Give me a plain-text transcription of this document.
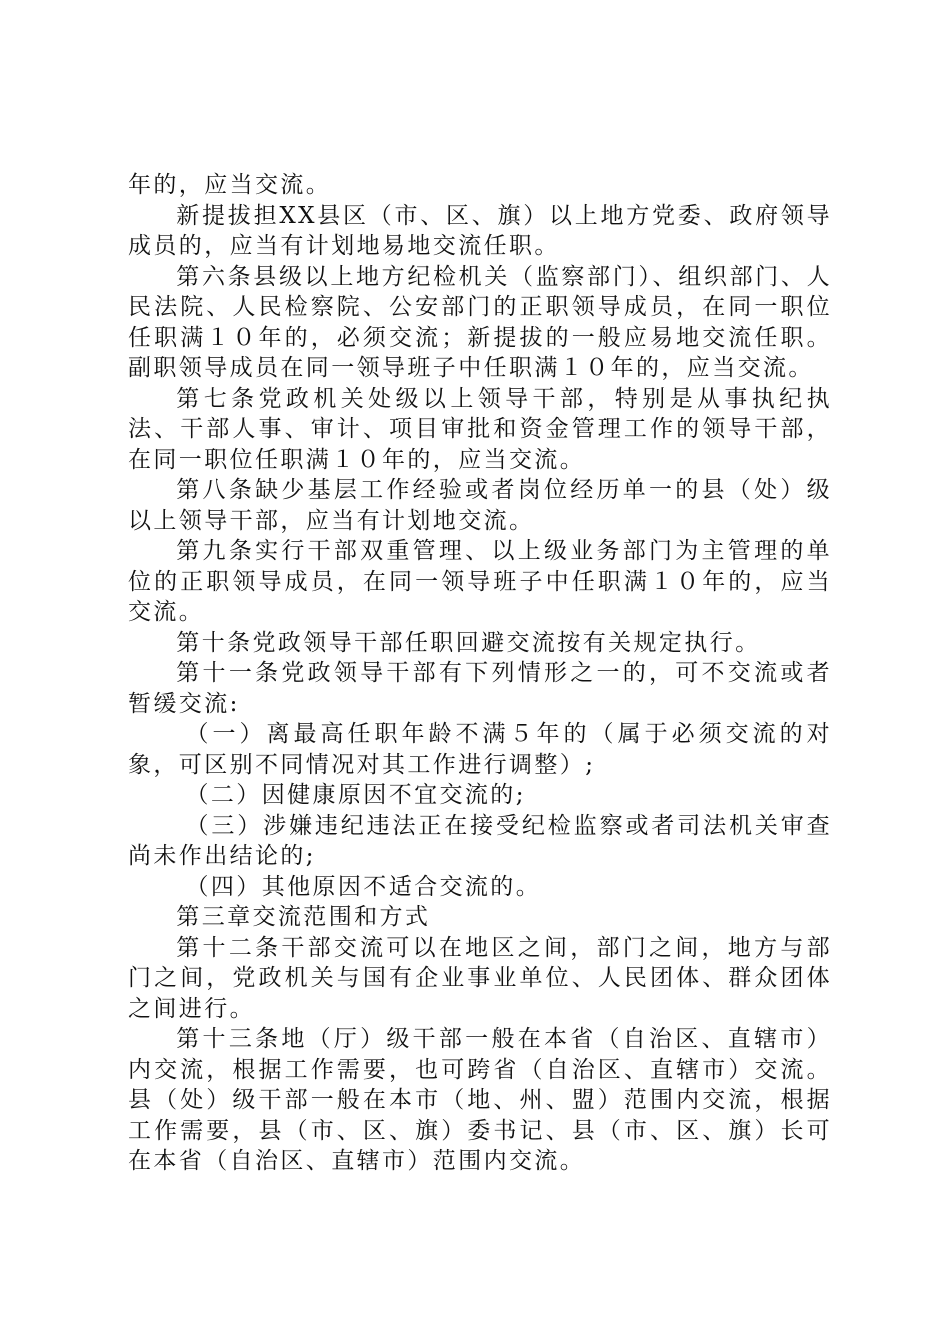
年的，应当交流。

新提拔担XX县区（市、区、旗）以上地方党委、政府领导成员的，应当有计划地易地交流任职。

第六条县级以上地方纪检机关（监察部门）、组织部门、人民法院、人民检察院、公安部门的正职领导成员，在同一职位任职满１０年的，必须交流；新提拔的一般应易地交流任职。副职领导成员在同一领导班子中任职满１０年的，应当交流。

第七条党政机关处级以上领导干部，特别是从事执纪执法、干部人事、审计、项目审批和资金管理工作的领导干部，在同一职位任职满１０年的，应当交流。

第八条缺少基层工作经验或者岗位经历单一的县（处）级以上领导干部，应当有计划地交流。

第九条实行干部双重管理、以上级业务部门为主管理的单位的正职领导成员，在同一领导班子中任职满１０年的，应当交流。

第十条党政领导干部任职回避交流按有关规定执行。

第十一条党政领导干部有下列情形之一的，可不交流或者暂缓交流:

（一）离最高任职年龄不满５年的（属于必须交流的对象，可区别不同情况对其工作进行调整）;

（二）因健康原因不宜交流的;

（三）涉嫌违纪违法正在接受纪检监察或者司法机关审查尚未作出结论的;

（四）其他原因不适合交流的。

第三章交流范围和方式

第十二条干部交流可以在地区之间，部门之间，地方与部门之间，党政机关与国有企业事业单位、人民团体、群众团体之间进行。

第十三条地（厅）级干部一般在本省（自治区、直辖市）内交流，根据工作需要，也可跨省（自治区、直辖市）交流。县（处）级干部一般在本市（地、州、盟）范围内交流，根据工作需要，县（市、区、旗）委书记、县（市、区、旗）长可在本省（自治区、直辖市）范围内交流。
